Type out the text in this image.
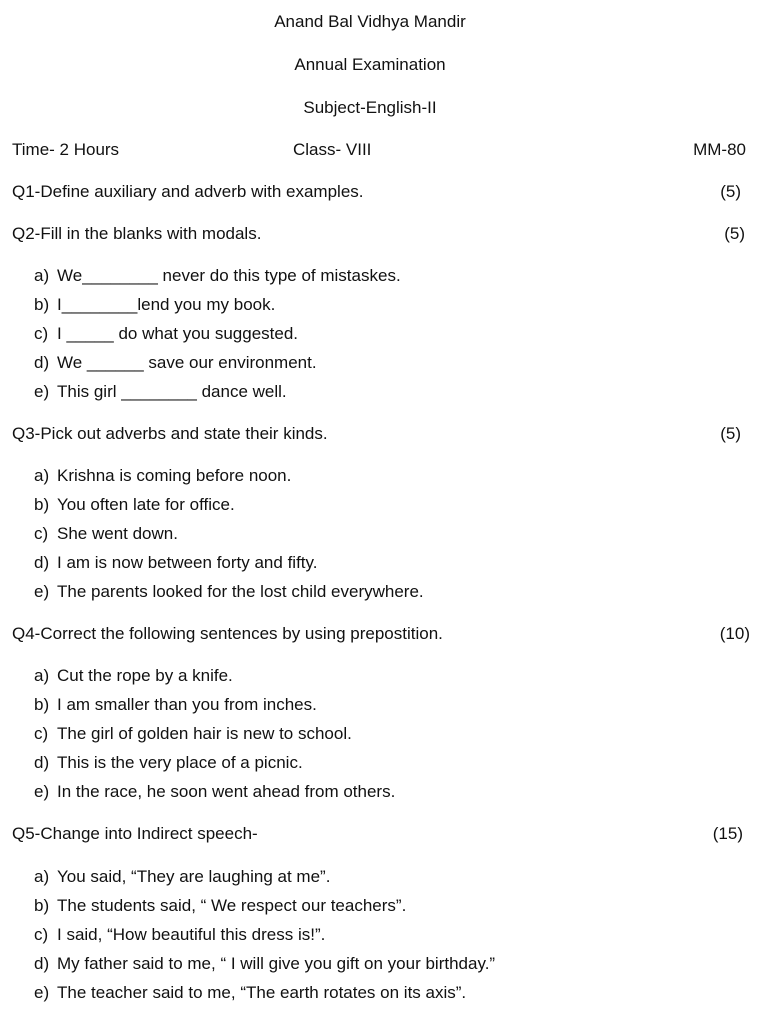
Anand Bal Vidhya Mandir
Annual Examination
Subject-English-II
Time- 2 Hours	Class- VIII	MM-80
Q1-Define auxiliary and adverb with examples.	(5)
Q2-Fill in the blanks with modals.	(5)
a) We________ never do this type of mistaskes.
b) I________lend you my book.
c) I _____ do what you suggested.
d) We ______ save our environment.
e) This girl ________ dance well.
Q3-Pick out adverbs and state their kinds.	(5)
a) Krishna is coming before noon.
b) You often late for office.
c) She went down.
d) I am is now between forty and fifty.
e) The parents looked for the lost child everywhere.
Q4-Correct the following sentences by using prepostition.	(10)
a) Cut the rope by a knife.
b) I am smaller than you from inches.
c) The girl of golden hair is new to school.
d) This is the very place of a picnic.
e) In the race, he soon went ahead from others.
Q5-Change into Indirect speech-	(15)
a) You said, “They are laughing at me”.
b) The students said, “ We respect our teachers”.
c) I said, “How beautiful this dress is!”.
d) My father said to me, “ I will give you gift on your birthday.”
e) The teacher said to me, “The earth rotates on its axis”.
